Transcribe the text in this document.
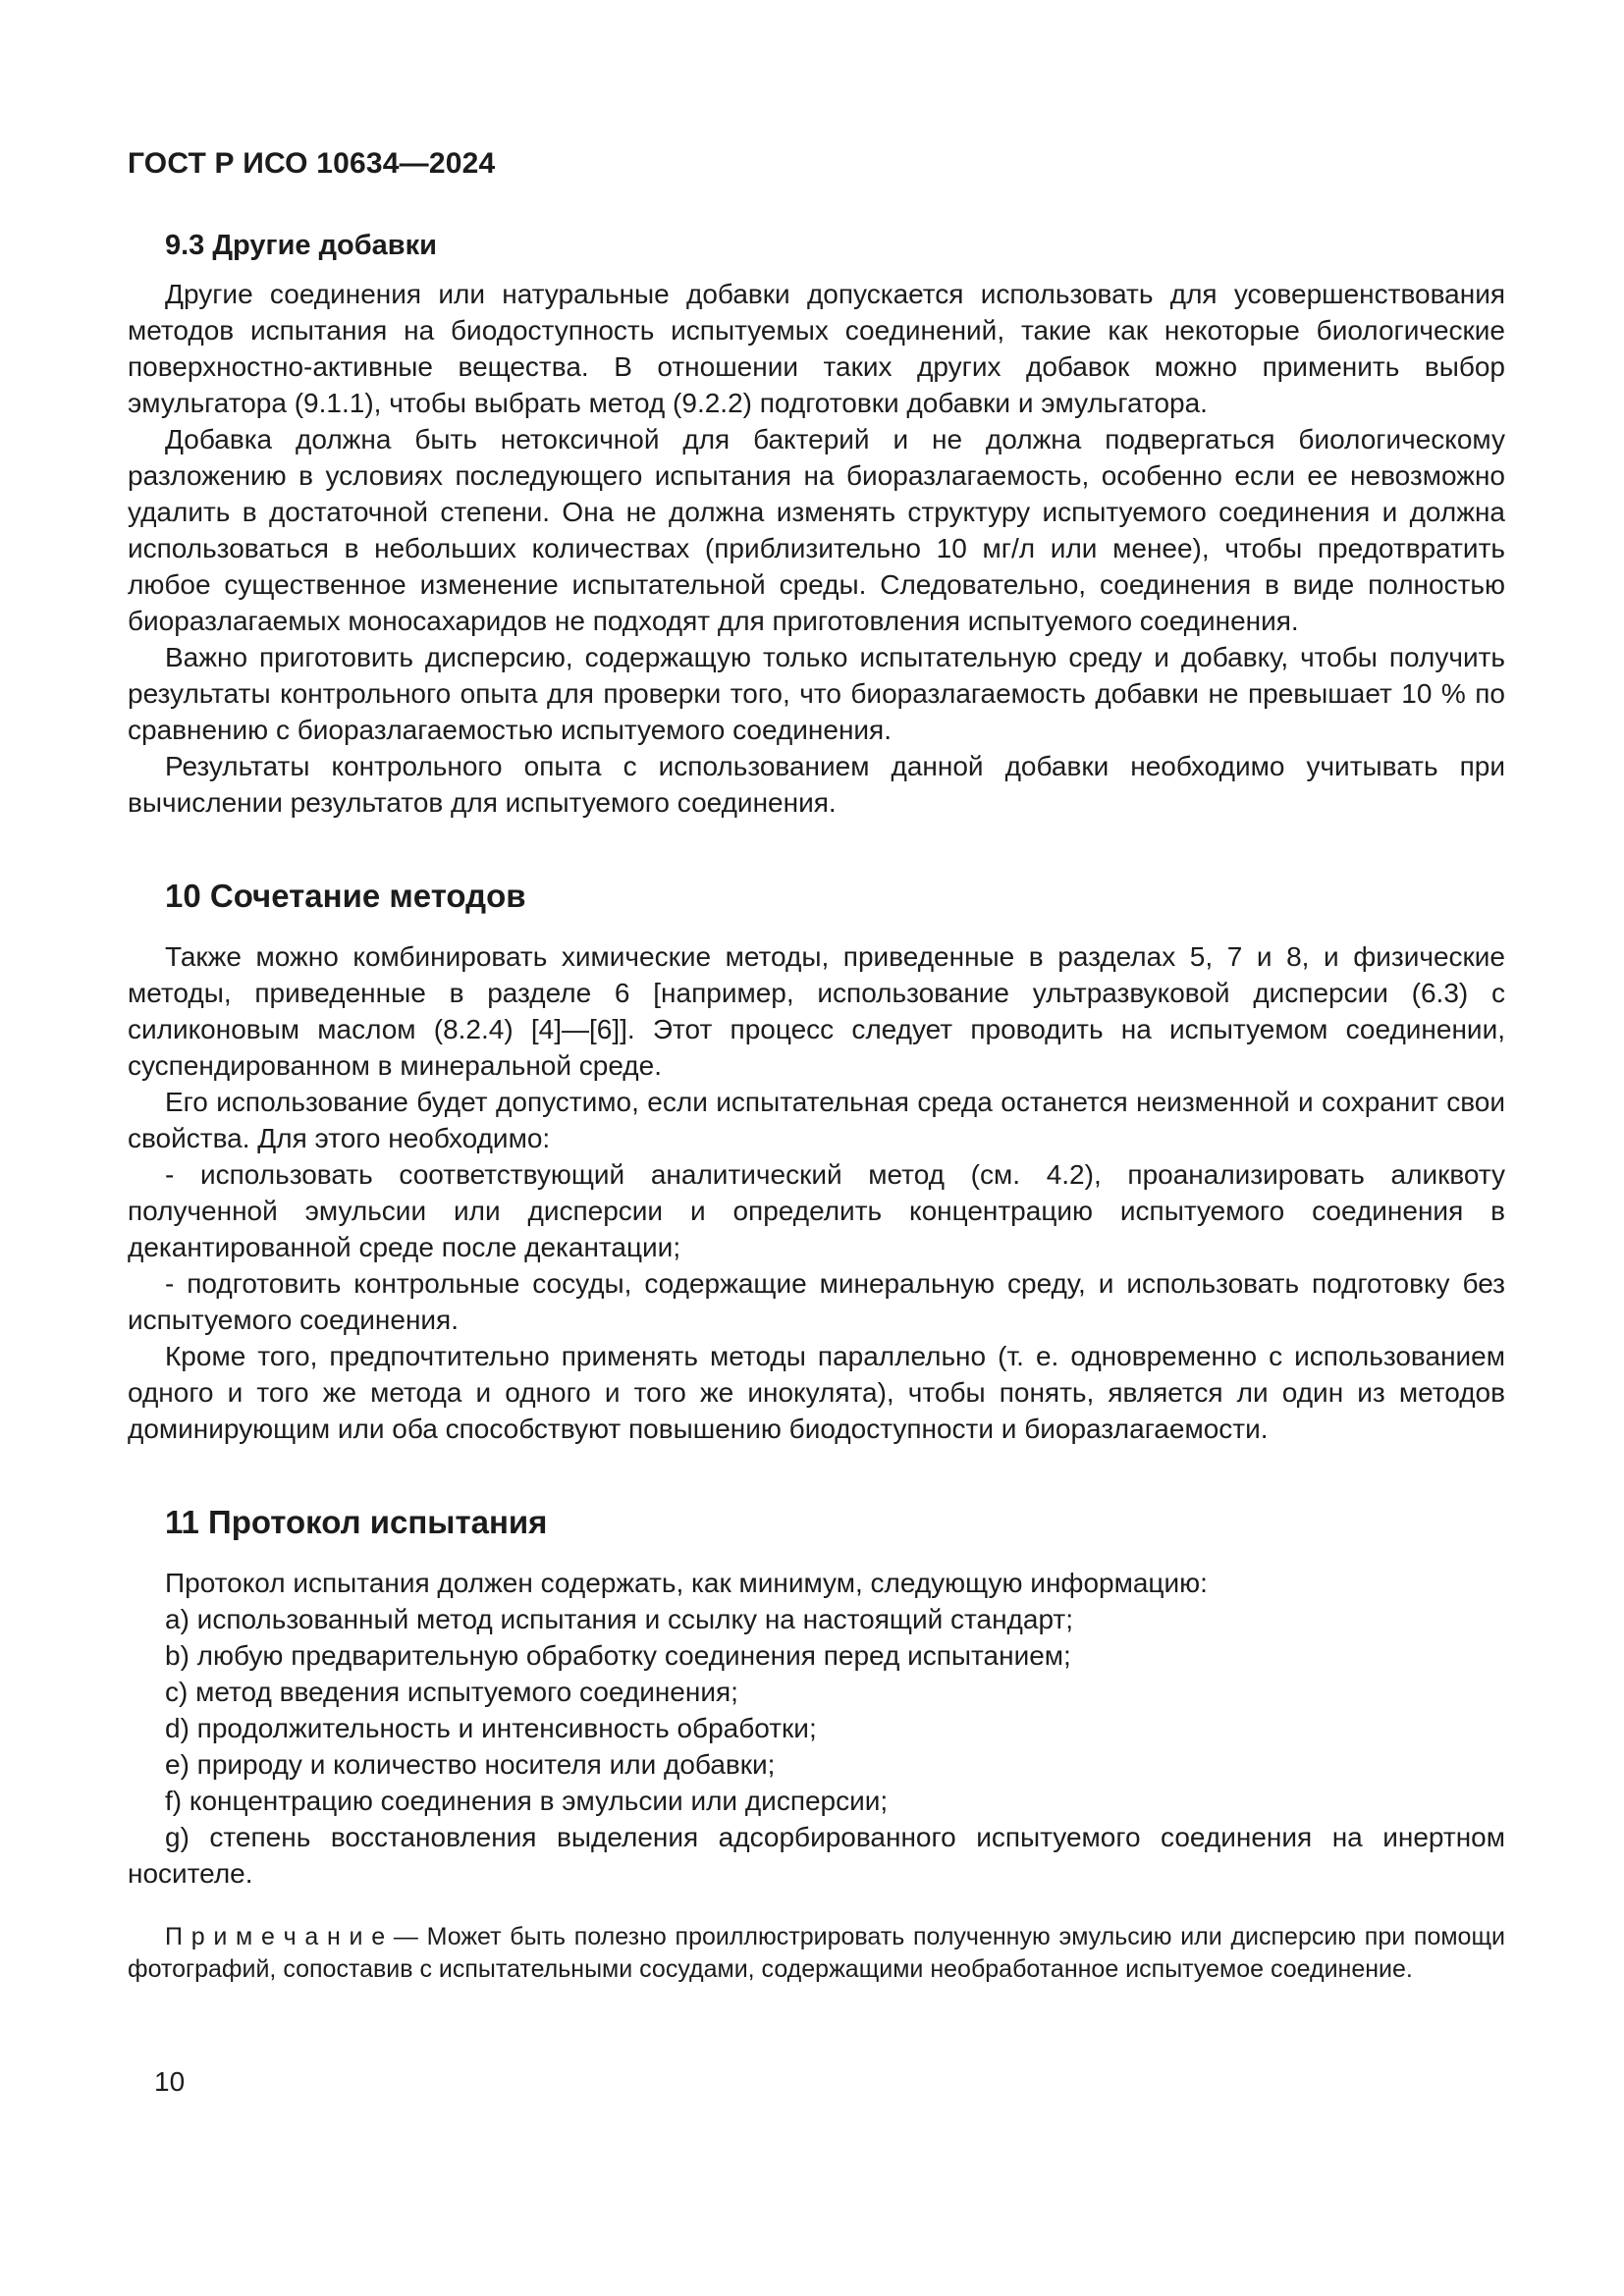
ГОСТ Р ИСО 10634—2024
9.3 Другие добавки

Другие соединения или натуральные добавки допускается использовать для усовершенствования методов испытания на биодоступность испытуемых соединений, такие как некоторые биологические поверхностно-активные вещества. В отношении таких других добавок можно применить выбор эмульгатора (9.1.1), чтобы выбрать метод (9.2.2) подготовки добавки и эмульгатора.

Добавка должна быть нетоксичной для бактерий и не должна подвергаться биологическому разложению в условиях последующего испытания на биоразлагаемость, особенно если ее невозможно удалить в достаточной степени. Она не должна изменять структуру испытуемого соединения и должна использоваться в небольших количествах (приблизительно 10 мг/л или менее), чтобы предотвратить любое существенное изменение испытательной среды. Следовательно, соединения в виде полностью биоразлагаемых моносахаридов не подходят для приготовления испытуемого соединения.

Важно приготовить дисперсию, содержащую только испытательную среду и добавку, чтобы получить результаты контрольного опыта для проверки того, что биоразлагаемость добавки не превышает 10 % по сравнению с биоразлагаемостью испытуемого соединения.

Результаты контрольного опыта с использованием данной добавки необходимо учитывать при вычислении результатов для испытуемого соединения.

10 Сочетание методов

Также можно комбинировать химические методы, приведенные в разделах 5, 7 и 8, и физические методы, приведенные в разделе 6 [например, использование ультразвуковой дисперсии (6.3) с силиконовым маслом (8.2.4) [4]—[6]]. Этот процесс следует проводить на испытуемом соединении, суспендированном в минеральной среде.

Его использование будет допустимо, если испытательная среда останется неизменной и сохранит свои свойства. Для этого необходимо:

- использовать соответствующий аналитический метод (см. 4.2), проанализировать аликвоту полученной эмульсии или дисперсии и определить концентрацию испытуемого соединения в декантированной среде после декантации;

- подготовить контрольные сосуды, содержащие минеральную среду, и использовать подготовку без испытуемого соединения.

Кроме того, предпочтительно применять методы параллельно (т. е. одновременно с использованием одного и того же метода и одного и того же инокулята), чтобы понять, является ли один из методов доминирующим или оба способствуют повышению биодоступности и биоразлагаемости.

11 Протокол испытания

Протокол испытания должен содержать, как минимум, следующую информацию:

a) использованный метод испытания и ссылку на настоящий стандарт;

b) любую предварительную обработку соединения перед испытанием;

c) метод введения испытуемого соединения;

d) продолжительность и интенсивность обработки;

e) природу и количество носителя или добавки;

f) концентрацию соединения в эмульсии или дисперсии;

g) степень восстановления выделения адсорбированного испытуемого соединения на инертном носителе.

П р и м е ч а н и е — Может быть полезно проиллюстрировать полученную эмульсию или дисперсию при помощи фотографий, сопоставив с испытательными сосудами, содержащими необработанное испытуемое соединение.

10
